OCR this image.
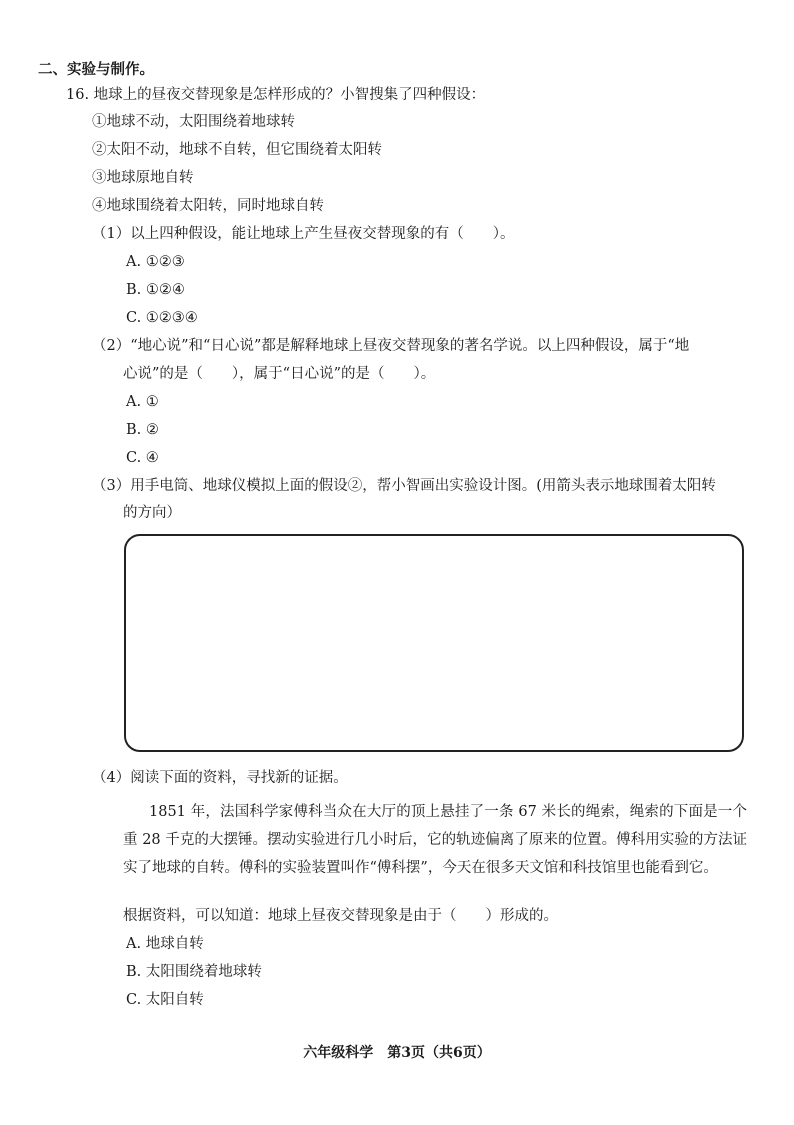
二、实验与制作。
16. 地球上的昼夜交替现象是怎样形成的？小智搜集了四种假设：
①地球不动，太阳围绕着地球转
②太阳不动，地球不自转，但它围绕着太阳转
③地球原地自转
④地球围绕着太阳转，同时地球自转
（1）以上四种假设，能让地球上产生昼夜交替现象的有（　　）。
A. ①②③
B. ①②④
C. ①②③④
（2）“地心说”和“日心说”都是解释地球上昼夜交替现象的著名学说。以上四种假设，属于“地
心说”的是（　　），属于“日心说”的是（　　）。
A. ①
B. ②
C. ④
（3）用手电筒、地球仪模拟上面的假设②，帮小智画出实验设计图。(用箭头表示地球围着太阳转
的方向）
（4）阅读下面的资料，寻找新的证据。
1851 年，法国科学家傅科当众在大厅的顶上悬挂了一条 67 米长的绳索，绳索的下面是一个重 28 千克的大摆锤。摆动实验进行几小时后，它的轨迹偏离了原来的位置。傅科用实验的方法证实了地球的自转。傅科的实验装置叫作“傅科摆”，今天在很多天文馆和科技馆里也能看到它。
根据资料，可以知道：地球上昼夜交替现象是由于（　　）形成的。
A. 地球自转
B. 太阳围绕着地球转
C. 太阳自转
六年级科学　第3页（共6页）
